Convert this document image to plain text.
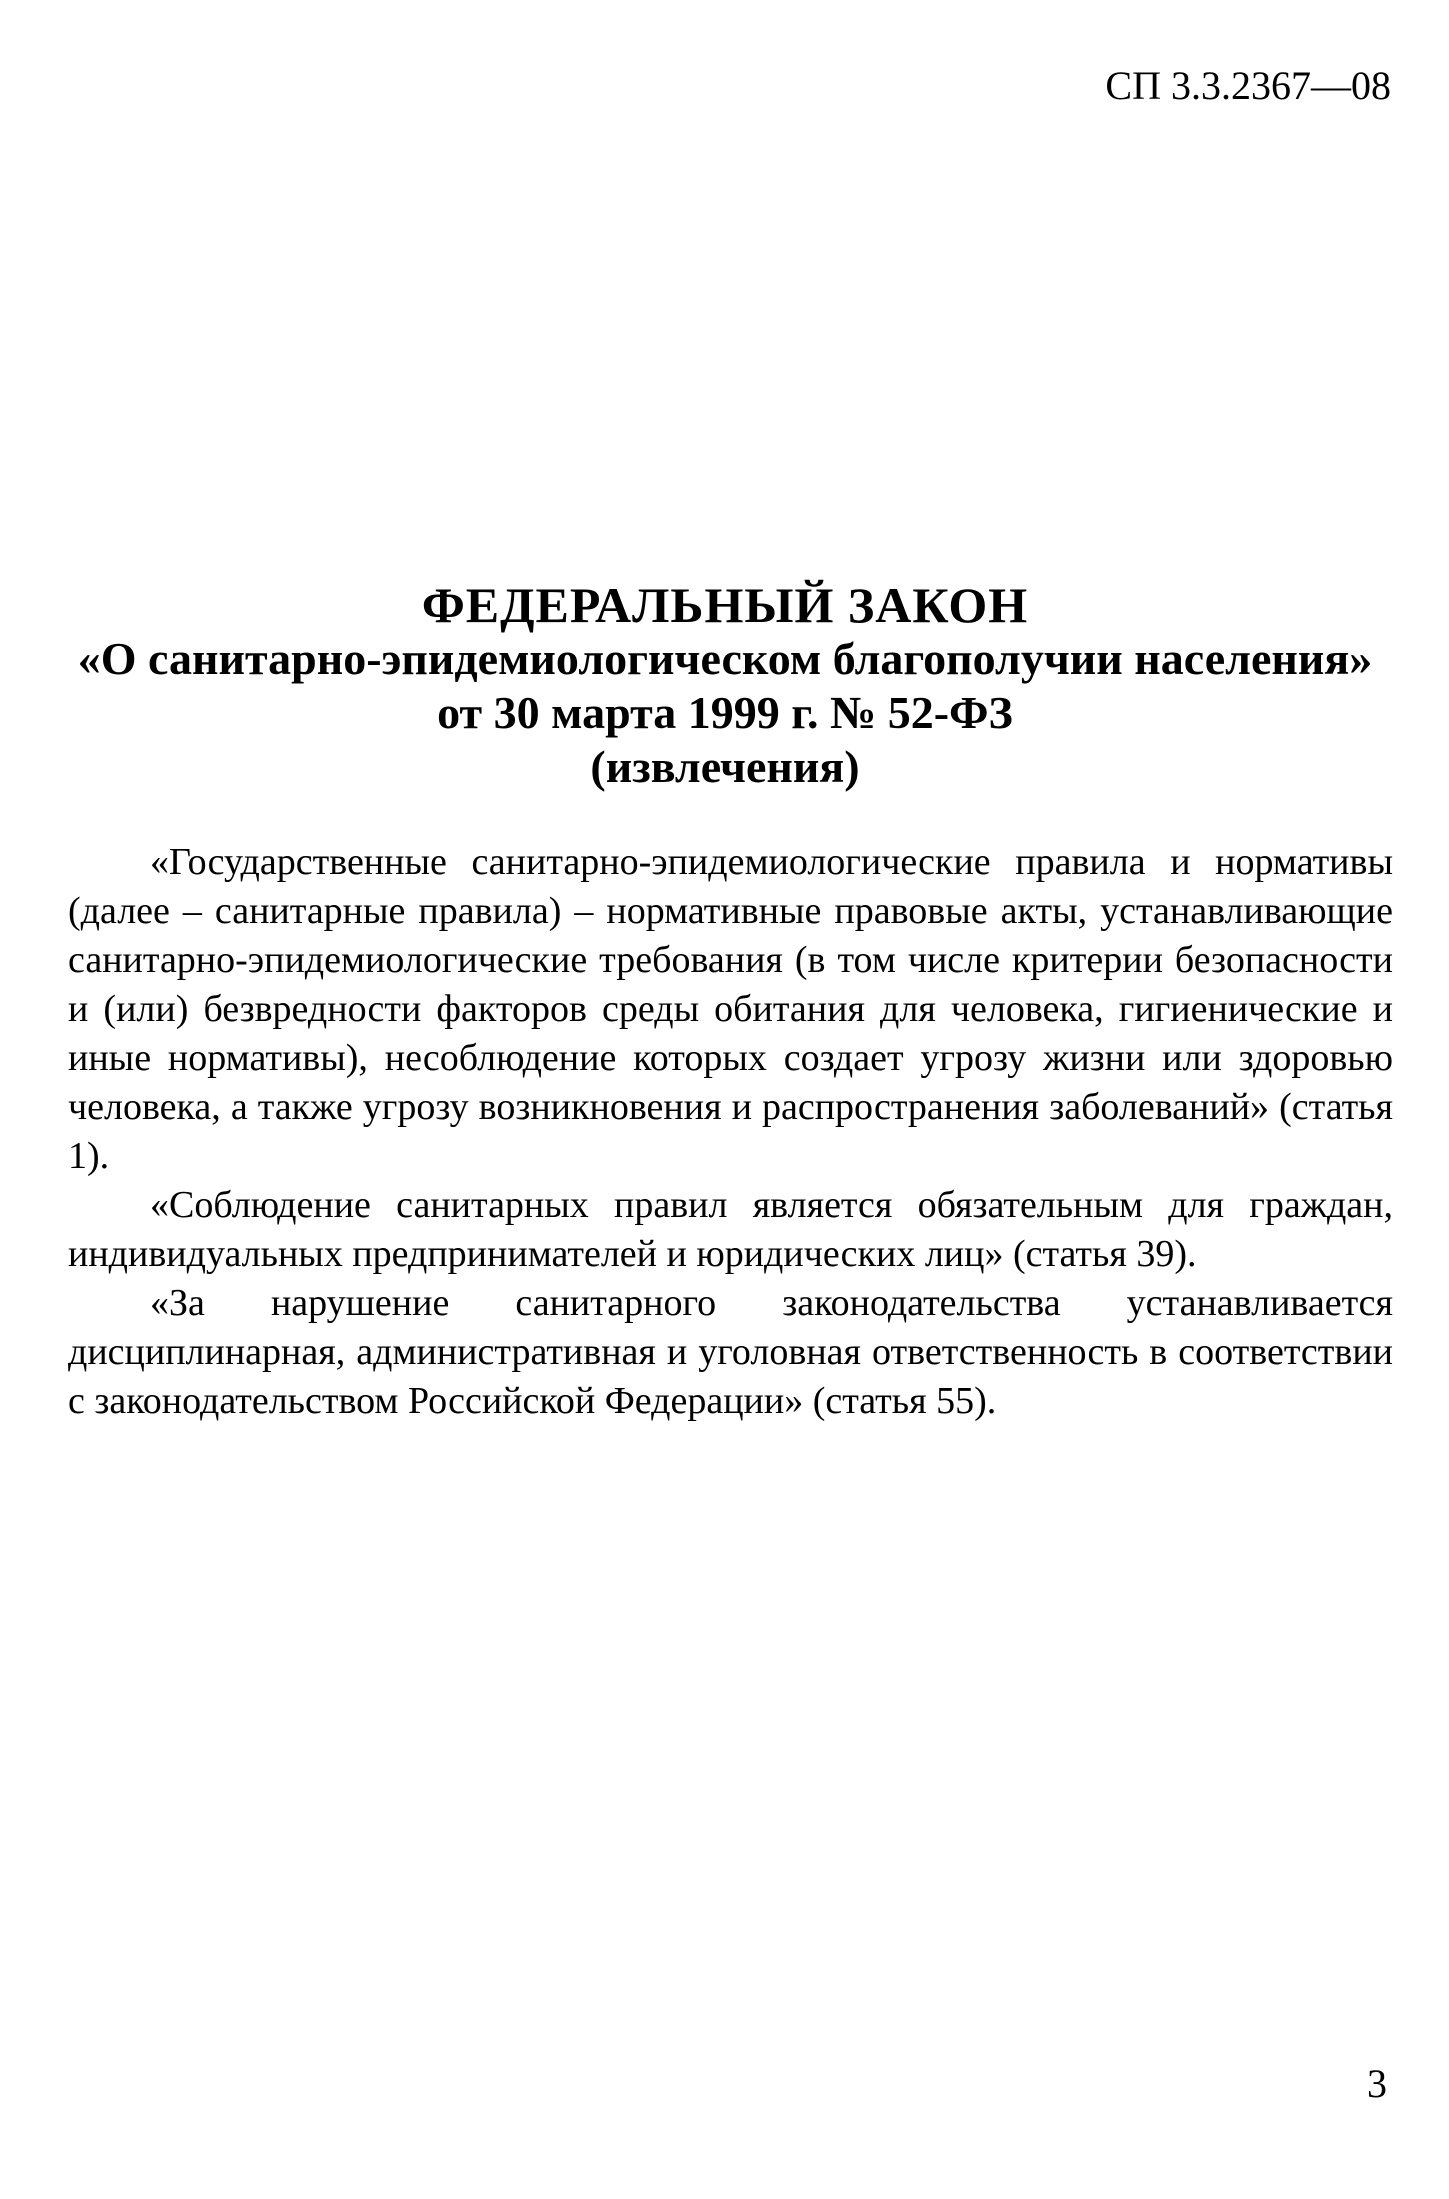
СП 3.3.2367—08

ФЕДЕРАЛЬНЫЙ ЗАКОН

«О санитарно-эпидемиологическом благополучии населения»

от 30 марта 1999 г. № 52-ФЗ

(извлечения)

«Государственные санитарно-эпидемиологические правила и нормативы (далее – санитарные правила) – нормативные правовые акты, устанавливающие санитарно-эпидемиологические требования (в том числе критерии безопасности и (или) безвредности факторов среды обитания для человека, гигиенические и иные нормативы), несоблюдение которых создает угрозу жизни или здоровью человека, а также угрозу возникновения и распространения заболеваний» (статья 1).

«Соблюдение санитарных правил является обязательным для граждан, индивидуальных предпринимателей и юридических лиц» (статья 39).

«За нарушение санитарного законодательства устанавливается дисциплинарная, административная и уголовная ответственность в соответствии с законодательством Российской Федерации» (статья 55).

3
